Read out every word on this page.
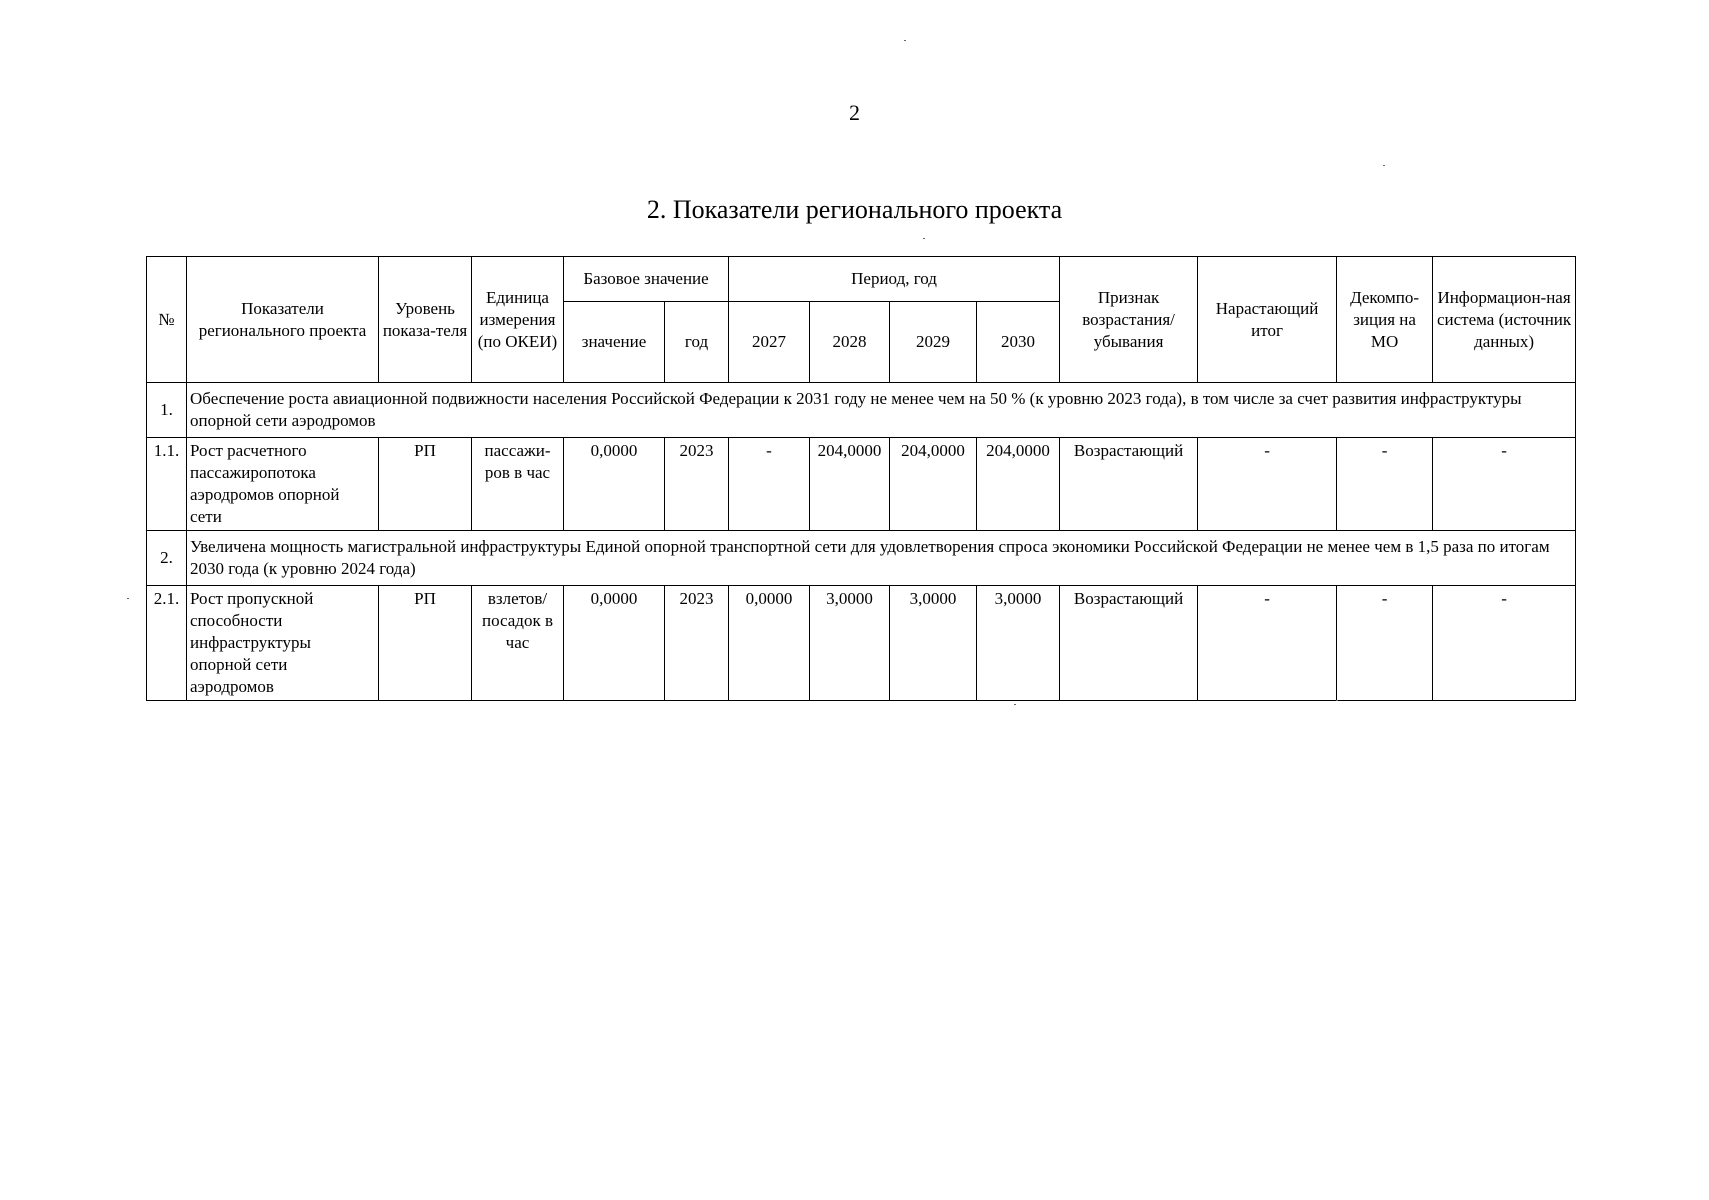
2
2. Показатели регионального проекта
№	Показатели регионального проекта	Уровень показа-теля	Единица измерения (по ОКЕИ)	Базовое значение		Период, год				Признак возрастания/ убывания	Нарастающий итог	Декомпо-зиция на МО	Информацион-ная система (источник данных)
				значение	год	2027	2028	2029	2030				
1.	Обеспечение роста авиационной подвижности населения Российской Федерации к 2031 году не менее чем на 50 % (к уровню 2023 года), в том числе за счет развития инфраструктуры опорной сети аэродромов												
1.1.	Рост расчетного пассажиропотока аэродромов опорной сети	РП	пассажи-ров в час	0,0000	2023	-	204,0000	204,0000	204,0000	Возрастающий	-	-	-
2.	Увеличена мощность магистральной инфраструктуры Единой опорной транспортной сети для удовлетворения спроса экономики Российской Федерации не менее чем в 1,5 раза по итогам 2030 года (к уровню 2024 года)												
2.1.	Рост пропускной способности инфраструктуры опорной сети аэродромов	РП	взлетов/ посадок в час	0,0000	2023	0,0000	3,0000	3,0000	3,0000	Возрастающий	-	-	-
